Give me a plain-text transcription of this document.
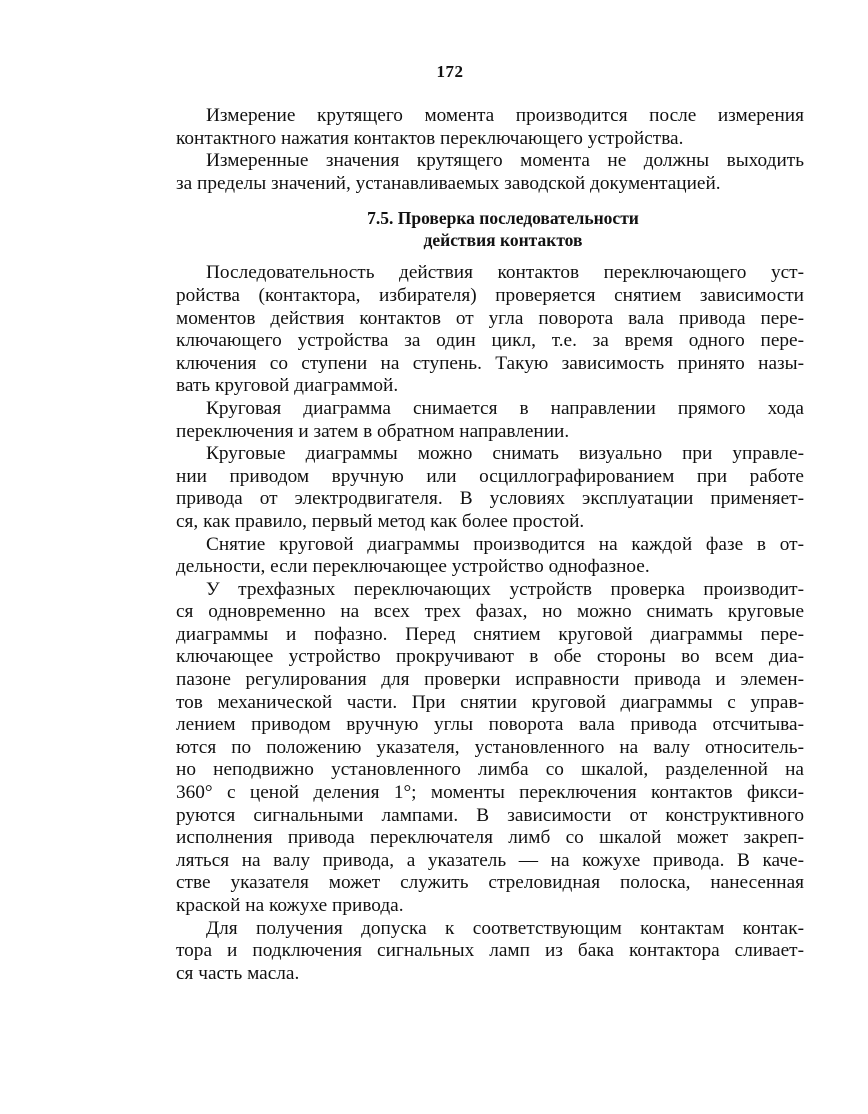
172

Измерение крутящего момента производится после измерения
контактного нажатия контактов переключающего устройства.

Измеренные значения крутящего момента не должны выходить
за пределы значений, устанавливаемых заводской документацией.

7.5. Проверка последовательности
действия контактов

Последовательность действия контактов переключающего уст-
ройства (контактора, избирателя) проверяется снятием зависимости
моментов действия контактов от угла поворота вала привода пере-
ключающего устройства за один цикл, т.е. за время одного пере-
ключения со ступени на ступень. Такую зависимость принято назы-
вать круговой диаграммой.

Круговая диаграмма снимается в направлении прямого хода
переключения и затем в обратном направлении.

Круговые диаграммы можно снимать визуально при управле-
нии приводом вручную или осциллографированием при работе
привода от электродвигателя. В условиях эксплуатации применяет-
ся, как правило, первый метод как более простой.

Снятие круговой диаграммы производится на каждой фазе в от-
дельности, если переключающее устройство однофазное.

У трехфазных переключающих устройств проверка производит-
ся одновременно на всех трех фазах, но можно снимать круговые
диаграммы и пофазно. Перед снятием круговой диаграммы пере-
ключающее устройство прокручивают в обе стороны во всем диа-
пазоне регулирования для проверки исправности привода и элемен-
тов механической части. При снятии круговой диаграммы с управ-
лением приводом вручную углы поворота вала привода отсчитыва-
ются по положению указателя, установленного на валу относитель-
но неподвижно установленного лимба со шкалой, разделенной на
360° с ценой деления 1°; моменты переключения контактов фикси-
руются сигнальными лампами. В зависимости от конструктивного
исполнения привода переключателя лимб со шкалой может закреп-
ляться на валу привода, а указатель — на кожухе привода. В каче-
стве указателя может служить стреловидная полоска, нанесенная
краской на кожухе привода.

Для получения допуска к соответствующим контактам контак-
тора и подключения сигнальных ламп из бака контактора сливает-
ся часть масла.
